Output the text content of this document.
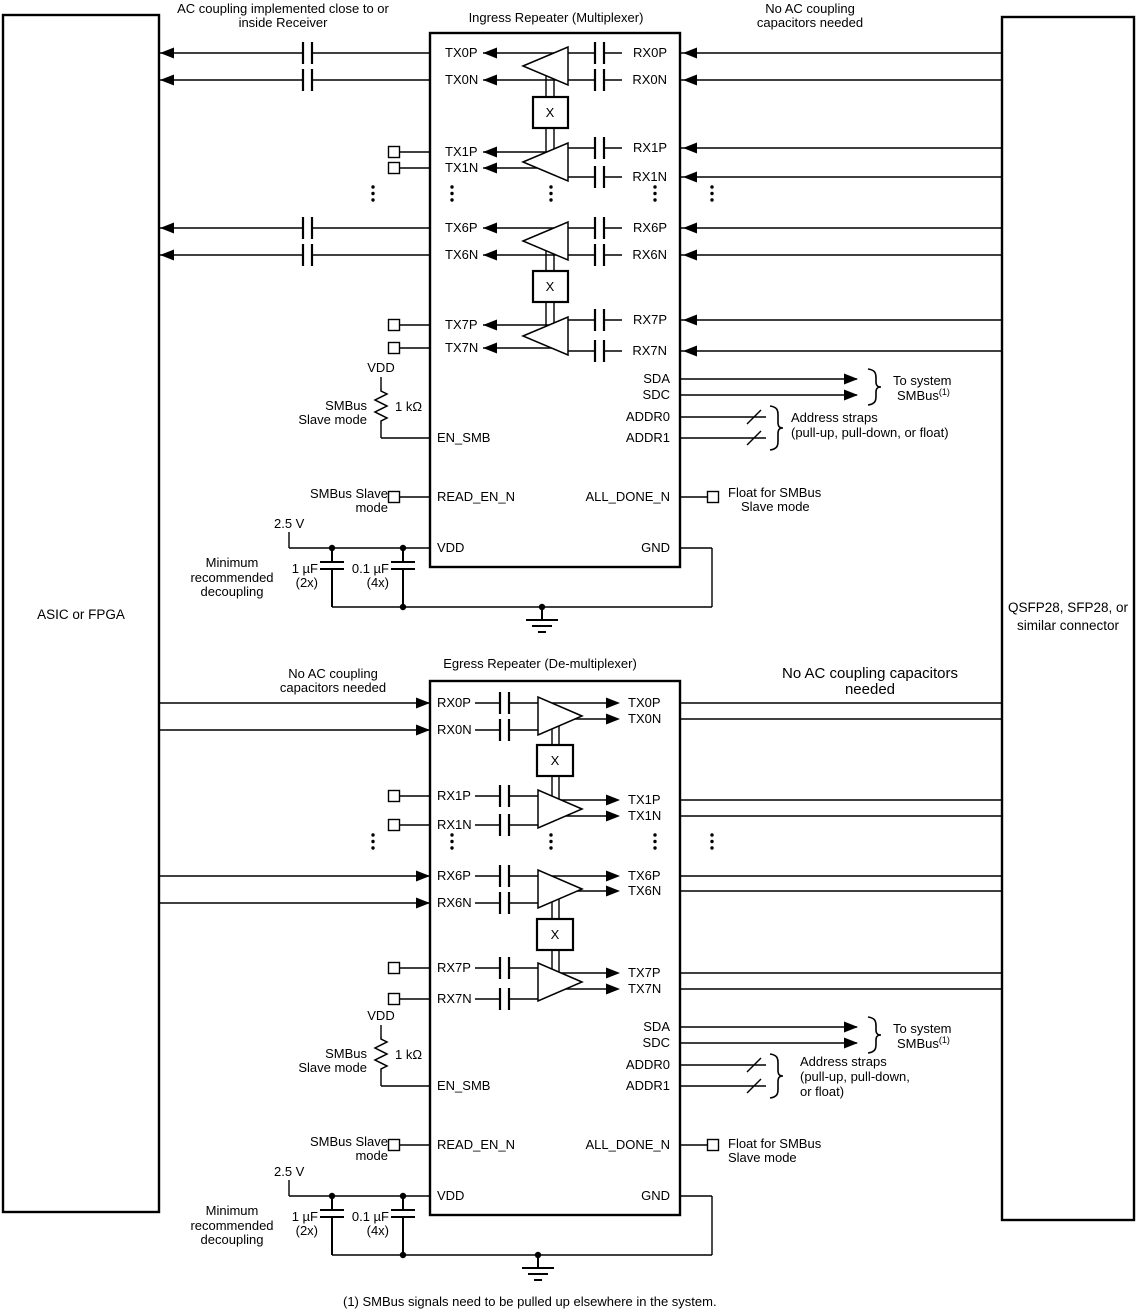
ASIC or FPGA	QSFP28, SFP28, or
similar connector
X
X
Ingress Repeater (Multiplexer)
AC coupling implemented close to or
inside Receiver
No AC coupling
capacitors needed
TX0P
TX0N
TX1P
TX1N
TX6P
TX6N
TX7P
TX7N
RX0P
RX0N
RX1P
RX1N
RX6P
RX6N
RX7P
RX7N
VDD
1 kΩ
SMBus
Slave mode
EN_SMB
SDA
SDC
To system
SMBus$^{(1)}$
ADDR0
ADDR1
Address straps
(pull-up, pull-down, or float)
READ_EN_N
SMBus Slave
mode
ALL_DONE_N	Float for SMBus
Slave mode
2.5 V
VDD	GND
1 µF
(2x)
0.1 µF
(4x)
Minimum
recommended
decoupling
X
X
Egress Repeater (De-multiplexer)
No AC coupling
capacitors needed
No AC coupling capacitors
needed
RX0P
RX0N
RX1P
RX1N
RX6P
RX6N
RX7P
RX7N
TX0P
TX0N
TX1P
TX1N
TX6P
TX6N
TX7P
TX7N
VDD
1 kΩ
SMBus
Slave mode
EN_SMB
SDA
SDC
To system
SMBus$^{(1)}$
ADDR0
ADDR1
Address straps
(pull-up, pull-down,
or float)
READ_EN_N
SMBus Slave
mode
ALL_DONE_N	Float for SMBus
Slave mode
2.5 V
VDD	GND
1 µF
(2x)
0.1 µF
(4x)
Minimum
recommended
decoupling
(1) SMBus signals need to be pulled up elsewhere in the system.
